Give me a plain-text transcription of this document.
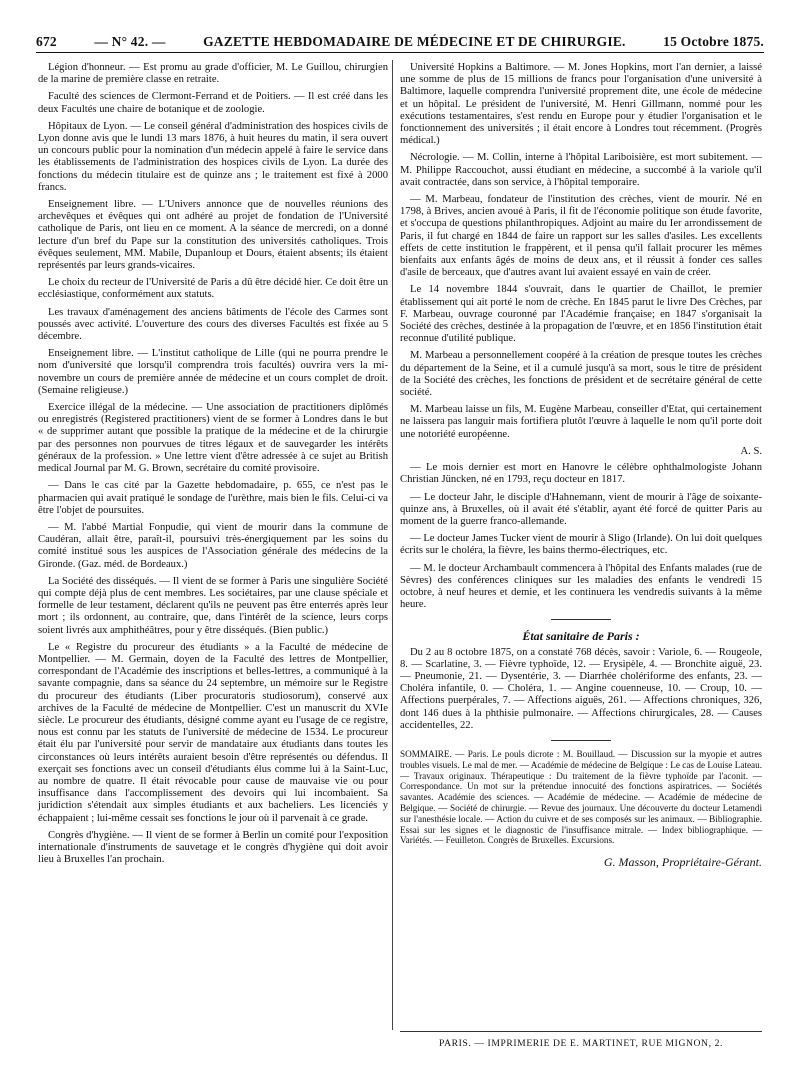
672	— N° 42. —	GAZETTE HEBDOMADAIRE DE MÉDECINE ET DE CHIRURGIE.	15 Octobre 1875.

Légion d'honneur. — Est promu au grade d'officier, M. Le Guillou, chirurgien de la marine de première classe en retraite.

Faculté des sciences de Clermont-Ferrand et de Poitiers. — Il est créé dans les deux Facultés une chaire de botanique et de zoologie.

Hôpitaux de Lyon. — Le conseil général d'administration des hospices civils de Lyon donne avis que le lundi 13 mars 1876, à huit heures du matin, il sera ouvert un concours public pour la nomination d'un médecin appelé à faire le service dans les établissements de l'administration des hospices civils de Lyon. La durée des fonctions du médecin titulaire est de quinze ans ; le traitement est fixé à 2000 francs.

Enseignement libre. — L'Univers annonce que de nouvelles réunions des archevêques et évêques qui ont adhéré au projet de fondation de l'Université catholique de Paris, ont lieu en ce moment. A la séance de mercredi, on a donné lecture d'un bref du Pape sur la constitution des universités catholiques. Trois évêques seulement, MM. Mabile, Dupanloup et Dours, étaient absents; ils étaient représentés par leurs grands-vicaires.

Le choix du recteur de l'Université de Paris a dû être décidé hier. Ce doit être un ecclésiastique, conformément aux statuts.

Les travaux d'aménagement des anciens bâtiments de l'école des Carmes sont poussés avec activité. L'ouverture des cours des diverses Facultés est fixée au 5 décembre.

Enseignement libre. — L'institut catholique de Lille (qui ne pourra prendre le nom d'université que lorsqu'il comprendra trois facultés) ouvrira vers la mi-novembre un cours de première année de médecine et un cours complet de droit. (Semaine religieuse.)

Exercice illégal de la médecine. — Une association de practitioners diplômés ou enregistrés (Registered practitioners) vient de se former à Londres dans le but « de supprimer autant que possible la pratique de la médecine et de la chirurgie par des personnes non pourvues de titres légaux et de sauvegarder les intérêts généraux de la profession. » Une lettre vient d'être adressée à ce sujet au British medical Journal par M. G. Brown, secrétaire du comité provisoire.

— Dans le cas cité par la Gazette hebdomadaire, p. 655, ce n'est pas le pharmacien qui avait pratiqué le sondage de l'urèthre, mais bien le fils. Celui-ci va être l'objet de poursuites.

— M. l'abbé Martial Fonpudie, qui vient de mourir dans la commune de Caudéran, allait être, paraît-il, poursuivi très-énergiquement par les soins du comité institué sous les auspices de l'Association générale des médecins de la Gironde. (Gaz. méd. de Bordeaux.)

La Société des disséqués. — Il vient de se former à Paris une singulière Société qui compte déjà plus de cent membres. Les sociétaires, par une clause spéciale et formelle de leur testament, déclarent qu'ils ne peuvent pas être enterrés après leur mort ; ils ordonnent, au contraire, que, dans l'intérêt de la science, leurs corps soient livrés aux amphithéâtres, pour y être disséqués. (Bien public.)

Le « Registre du procureur des étudiants » a la Faculté de médecine de Montpellier. — M. Germain, doyen de la Faculté des lettres de Montpellier, correspondant de l'Académie des inscriptions et belles-lettres, a communiqué à la savante compagnie, dans sa séance du 24 septembre, un mémoire sur le Registre du procureur des étudiants (Liber procuratoris studiosorum), conservé aux archives de la Faculté de médecine de Montpellier. C'est un manuscrit du XVIe siècle. Le procureur des étudiants, désigné comme ayant eu l'usage de ce registre, nous est connu par les statuts de l'université de médecine de 1534. Le procureur était élu par l'université pour servir de mandataire aux étudiants dans toutes les circonstances où leurs intérêts auraient besoin d'être représentés ou défendus. Il exerçait ses fonctions avec un conseil d'étudiants élus comme lui à la Saint-Luc, au nombre de quatre. Il était révocable pour cause de mauvaise vie ou pour insuffisance dans l'accomplissement des devoirs qui lui incombaient. Sa juridiction s'étendait aux simples étudiants et aux bacheliers. Les licenciés y échappaient ; lui-même cessait ses fonctions le jour où il parvenait à ce grade.

Congrès d'hygiène. — Il vient de se former à Berlin un comité pour l'exposition internationale d'instruments de sauvetage et le congrès d'hygiène qui doit avoir lieu à Bruxelles l'an prochain.

Université Hopkins a Baltimore. — M. Jones Hopkins, mort l'an dernier, a laissé une somme de plus de 15 millions de francs pour l'organisation d'une université à Baltimore, laquelle comprendra l'université proprement dite, une école de médecine et un hôpital. Le président de l'université, M. Henri Gillmann, nommé pour les exécutions testamentaires, s'est rendu en Europe pour y étudier l'organisation et le fonctionnement des universités ; il était encore à Londres tout récemment. (Progrès médical.)

Nécrologie. — M. Collin, interne à l'hôpital Lariboisière, est mort subitement. — M. Philippe Raccouchot, aussi étudiant en médecine, a succombé à la variole qu'il avait contractée, dans son service, à l'hôpital temporaire.

— M. Marbeau, fondateur de l'institution des crèches, vient de mourir. Né en 1798, à Brives, ancien avoué à Paris, il fit de l'économie politique son étude favorite, et s'occupa de questions philanthropiques. Adjoint au maire du Ier arrondissement de Paris, il fut chargé en 1844 de faire un rapport sur les salles d'asiles. Les excellents effets de cette institution le frappèrent, et il pensa qu'il fallait procurer les mêmes bienfaits aux enfants âgés de moins de deux ans, et il réussit à fonder ces salles d'asile de berceaux, que d'autres avant lui avaient essayé en vain de créer.

Le 14 novembre 1844 s'ouvrait, dans le quartier de Chaillot, le premier établissement qui ait porté le nom de crèche. En 1845 parut le livre Des Crèches, par F. Marbeau, ouvrage couronné par l'Académie française; en 1847 s'organisait la Société des crèches, destinée à la propagation de l'œuvre, et en 1856 l'institution était reconnue d'utilité publique.

M. Marbeau a personnellement coopéré à la création de presque toutes les crèches du département de la Seine, et il a cumulé jusqu'à sa mort, sous le titre de président de la Société des crèches, les fonctions de président et de secrétaire général de cette société.

M. Marbeau laisse un fils, M. Eugène Marbeau, conseiller d'Etat, qui certainement ne laissera pas languir mais fortifiera plutôt l'œuvre à laquelle le nom qu'il porte doit une notoriété européenne.

A. S.

— Le mois dernier est mort en Hanovre le célèbre ophthalmologiste Johann Christian Jüncken, né en 1793, reçu docteur en 1817.

— Le docteur Jahr, le disciple d'Hahnemann, vient de mourir à l'âge de soixante-quinze ans, à Bruxelles, où il avait été s'établir, ayant été forcé de quitter Paris au moment de la guerre franco-allemande.

— Le docteur James Tucker vient de mourir à Sligo (Irlande). On lui doit quelques écrits sur le choléra, la fièvre, les bains thermo-électriques, etc.

— M. le docteur Archambault commencera à l'hôpital des Enfants malades (rue de Sèvres) des conférences cliniques sur les maladies des enfants le vendredi 15 octobre, à neuf heures et demie, et les continuera les vendredis suivants à la même heure.

État sanitaire de Paris :

Du 2 au 8 octobre 1875, on a constaté 768 décès, savoir : Variole, 6. — Rougeole, 8. — Scarlatine, 3. — Fièvre typhoïde, 12. — Erysipèle, 4. — Bronchite aiguë, 23. — Pneumonie, 21. — Dysentérie, 3. — Diarrhée cholériforme des enfants, 23. — Choléra infantile, 0. — Choléra, 1. — Angine couenneuse, 10. — Croup, 10. — Affections puerpérales, 7. — Affections aiguës, 261. — Affections chroniques, 326, dont 146 dues à la phthisie pulmonaire. — Affections chirurgicales, 28. — Causes accidentelles, 22.

SOMMAIRE. — Paris. Le pouls dicrote : M. Bouillaud. — Discussion sur la myopie et autres troubles visuels. Le mal de mer. — Académie de médecine de Belgique : Le cas de Louise Lateau. — Travaux originaux. Thérapeutique : Du traitement de la fièvre typhoïde par l'aconit. — Correspondance. Un mot sur la prétendue innocuité des fonctions aspiratrices. — Sociétés savantes. Académie des sciences. — Académie de médecine. — Académie de médecine de Belgique. — Société de chirurgie. — Revue des journaux. Une découverte du docteur Letamendi sur l'anesthésie locale. — Action du cuivre et de ses composés sur les animaux. — Bibliographie. Essai sur les signes et le diagnostic de l'insuffisance mitrale. — Index bibliographique. — Variétés. — Feuilleton. Congrès de Bruxelles. Excursions.

G. Masson, Propriétaire-Gérant.

PARIS. — IMPRIMERIE DE E. MARTINET, RUE MIGNON, 2.
